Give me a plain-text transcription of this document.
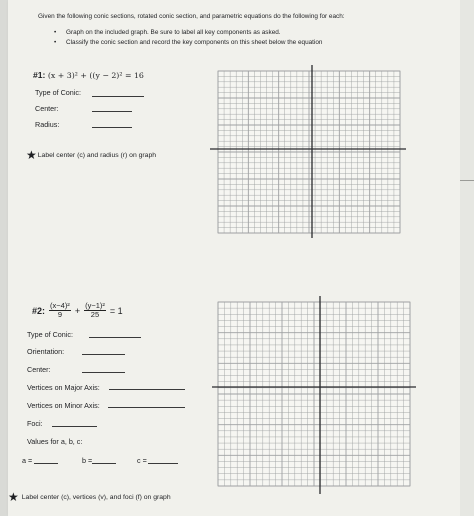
Given the following conic sections, rotated conic section, and parametric equations do the following for each:
• Graph on the included graph. Be sure to label all key components as asked.
• Classify the conic section and record the key components on this sheet below the equation
#1: (x + 3)² + ((y − 2)² = 16
Type of Conic:
Center:
Radius:
★ Label center (c) and radius (r) on graph
#2: $\frac{\text{(x−4)²}}{9} + \frac{\text{(y−1)²}}{25} = 1$
Type of Conic:
Orientation:
Center:
Vertices on Major Axis:
Vertices on Minor Axis:
Foci:
Values for a, b, c:
a =	b =	c =
★ Label center (c), vertices (v), and foci (f) on graph
